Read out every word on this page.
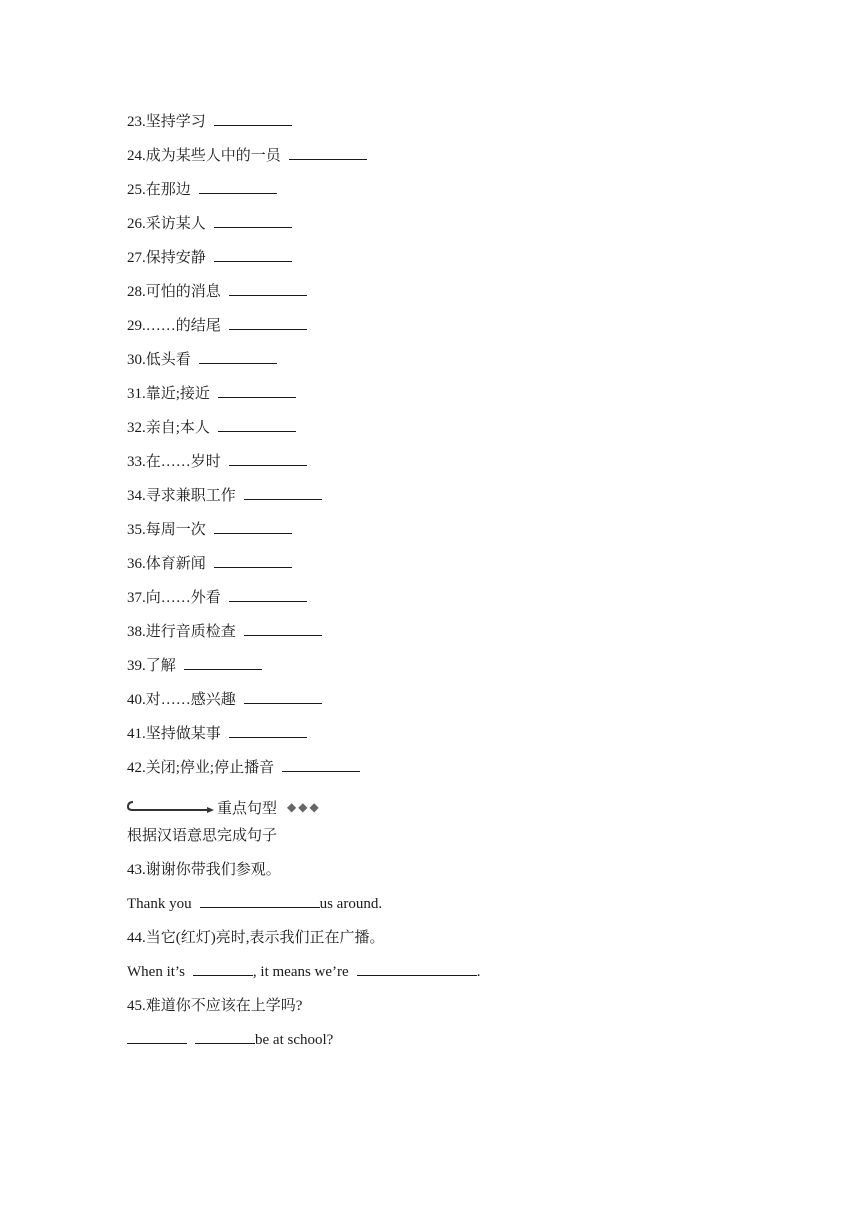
23.坚持学习
24.成为某些人中的一员
25.在那边
26.采访某人
27.保持安静
28.可怕的消息
29.……的结尾
30.低头看
31.靠近;接近
32.亲自;本人
33.在……岁时
34.寻求兼职工作
35.每周一次
36.体育新闻
37.向……外看
38.进行音质检查
39.了解
40.对……感兴趣
41.坚持做某事
42.关闭;停业;停止播音
重点句型 ◆◆◆
根据汉语意思完成句子
43.谢谢你带我们参观。
Thank you	us around.
44.当它(红灯)亮时,表示我们正在广播。
When it’s	, it means we’re	.
45.难道你不应该在上学吗?
be at school?
